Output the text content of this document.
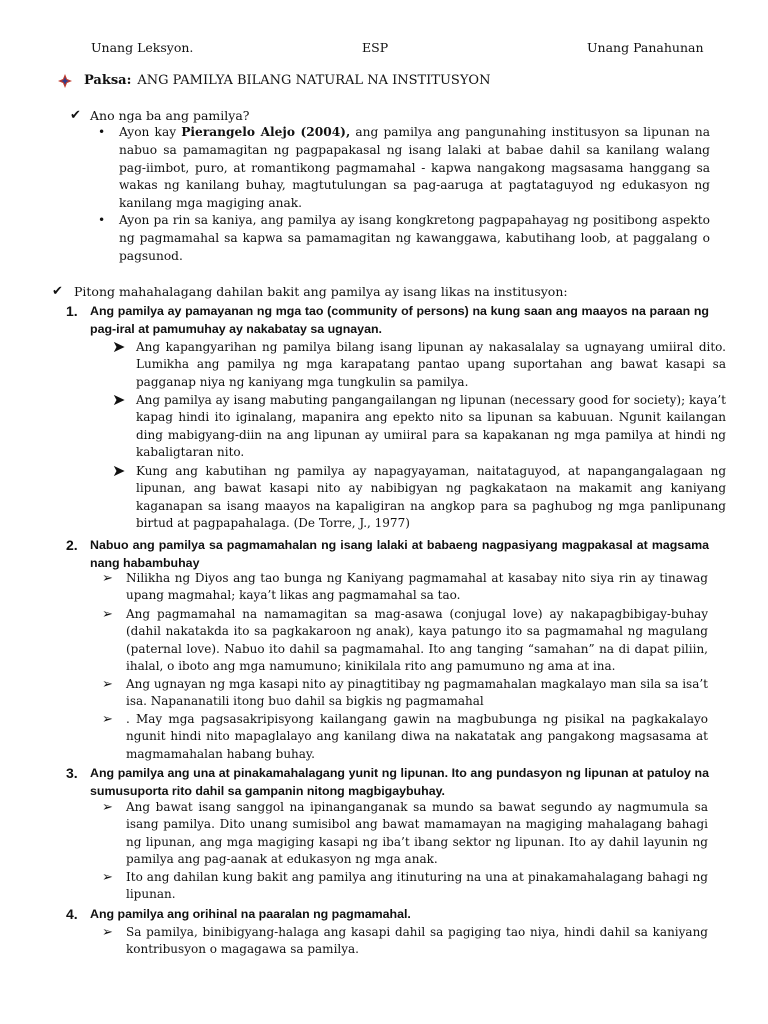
Unang Leksyon.	ESP	Unang Panahunan
Paksa: ANG PAMILYA BILANG NATURAL NA INSTITUSYON
✔ Ano nga ba ang pamilya?
•	Ayon kay Pierangelo Alejo (2004), ang pamilya ang pangunahing institusyon sa lipunan na nabuo sa pamamagitan ng pagpapakasal ng isang lalaki at babae dahil sa kanilang walang pag-iimbot, puro, at romantikong pagmamahal - kapwa nangakong magsasama hanggang sa wakas ng kanilang buhay, magtutulungan sa pag-aaruga at pagtataguyod ng edukasyon ng kanilang mga magiging anak.
•	Ayon pa rin sa kaniya, ang pamilya ay isang kongkretong pagpapahayag ng positibong aspekto ng pagmamahal sa kapwa sa pamamagitan ng kawanggawa, kabutihang loob, at paggalang o pagsunod.
✔ Pitong mahahalagang dahilan bakit ang pamilya ay isang likas na institusyon:
1. Ang pamilya ay pamayanan ng mga tao (community of persons) na kung saan ang maayos na paraan ng pag-iral at pamumuhay ay nakabatay sa ugnayan.
➤ Ang kapangyarihan ng pamilya bilang isang lipunan ay nakasalalay sa ugnayang umiiral dito. Lumikha ang pamilya ng mga karapatang pantao upang suportahan ang bawat kasapi sa pagganap niya ng kaniyang mga tungkulin sa pamilya.
➤ Ang pamilya ay isang mabuting pangangailangan ng lipunan (necessary good for society); kaya’t kapag hindi ito iginalang, mapanira ang epekto nito sa lipunan sa kabuuan. Ngunit kailangan ding mabigyang-diin na ang lipunan ay umiiral para sa kapakanan ng mga pamilya at hindi ng kabaligtaran nito.
➤ Kung ang kabutihan ng pamilya ay napagyayaman, naitataguyod, at napangangalagaan ng lipunan, ang bawat kasapi nito ay nabibigyan ng pagkakataon na makamit ang kaniyang kaganapan sa isang maayos na kapaligiran na angkop para sa paghubog ng mga panlipunang birtud at pagpapahalaga. (De Torre, J., 1977)
2. Nabuo ang pamilya sa pagmamahalan ng isang lalaki at babaeng nagpasiyang magpakasal at magsama nang habambuhay
➢ Nilikha ng Diyos ang tao bunga ng Kaniyang pagmamahal at kasabay nito siya rin ay tinawag upang magmahal; kaya’t likas ang pagmamahal sa tao.
➢ Ang pagmamahal na namamagitan sa mag-asawa (conjugal love) ay nakapagbibigay-buhay (dahil nakatakda ito sa pagkakaroon ng anak), kaya patungo ito sa pagmamahal ng magulang (paternal love). Nabuo ito dahil sa pagmamahal. Ito ang tanging “samahan” na di dapat piliin, ihalal, o iboto ang mga namumuno; kinikilala rito ang pamumuno ng ama at ina.
➢ Ang ugnayan ng mga kasapi nito ay pinagtitibay ng pagmamahalan magkalayo man sila sa isa’t isa. Napananatili itong buo dahil sa bigkis ng pagmamahal
➢ . May mga pagsasakripisyong kailangang gawin na magbubunga ng pisikal na pagkakalayo ngunit hindi nito mapaglalayo ang kanilang diwa na nakatatak ang pangakong magsasama at magmamahalan habang buhay.
3. Ang pamilya ang una at pinakamahalagang yunit ng lipunan. Ito ang pundasyon ng lipunan at patuloy na sumusuporta rito dahil sa gampanin nitong magbigaybuhay.
➢ Ang bawat isang sanggol na ipinanganganak sa mundo sa bawat segundo ay nagmumula sa isang pamilya. Dito unang sumisibol ang bawat mamamayan na magiging mahalagang bahagi ng lipunan, ang mga magiging kasapi ng iba’t ibang sektor ng lipunan. Ito ay dahil layunin ng pamilya ang pag-aanak at edukasyon ng mga anak.
➢ Ito ang dahilan kung bakit ang pamilya ang itinuturing na una at pinakamahalagang bahagi ng lipunan.
4. Ang pamilya ang orihinal na paaralan ng pagmamahal.
➢ Sa pamilya, binibigyang-halaga ang kasapi dahil sa pagiging tao niya, hindi dahil sa kaniyang kontribusyon o magagawa sa pamilya.
